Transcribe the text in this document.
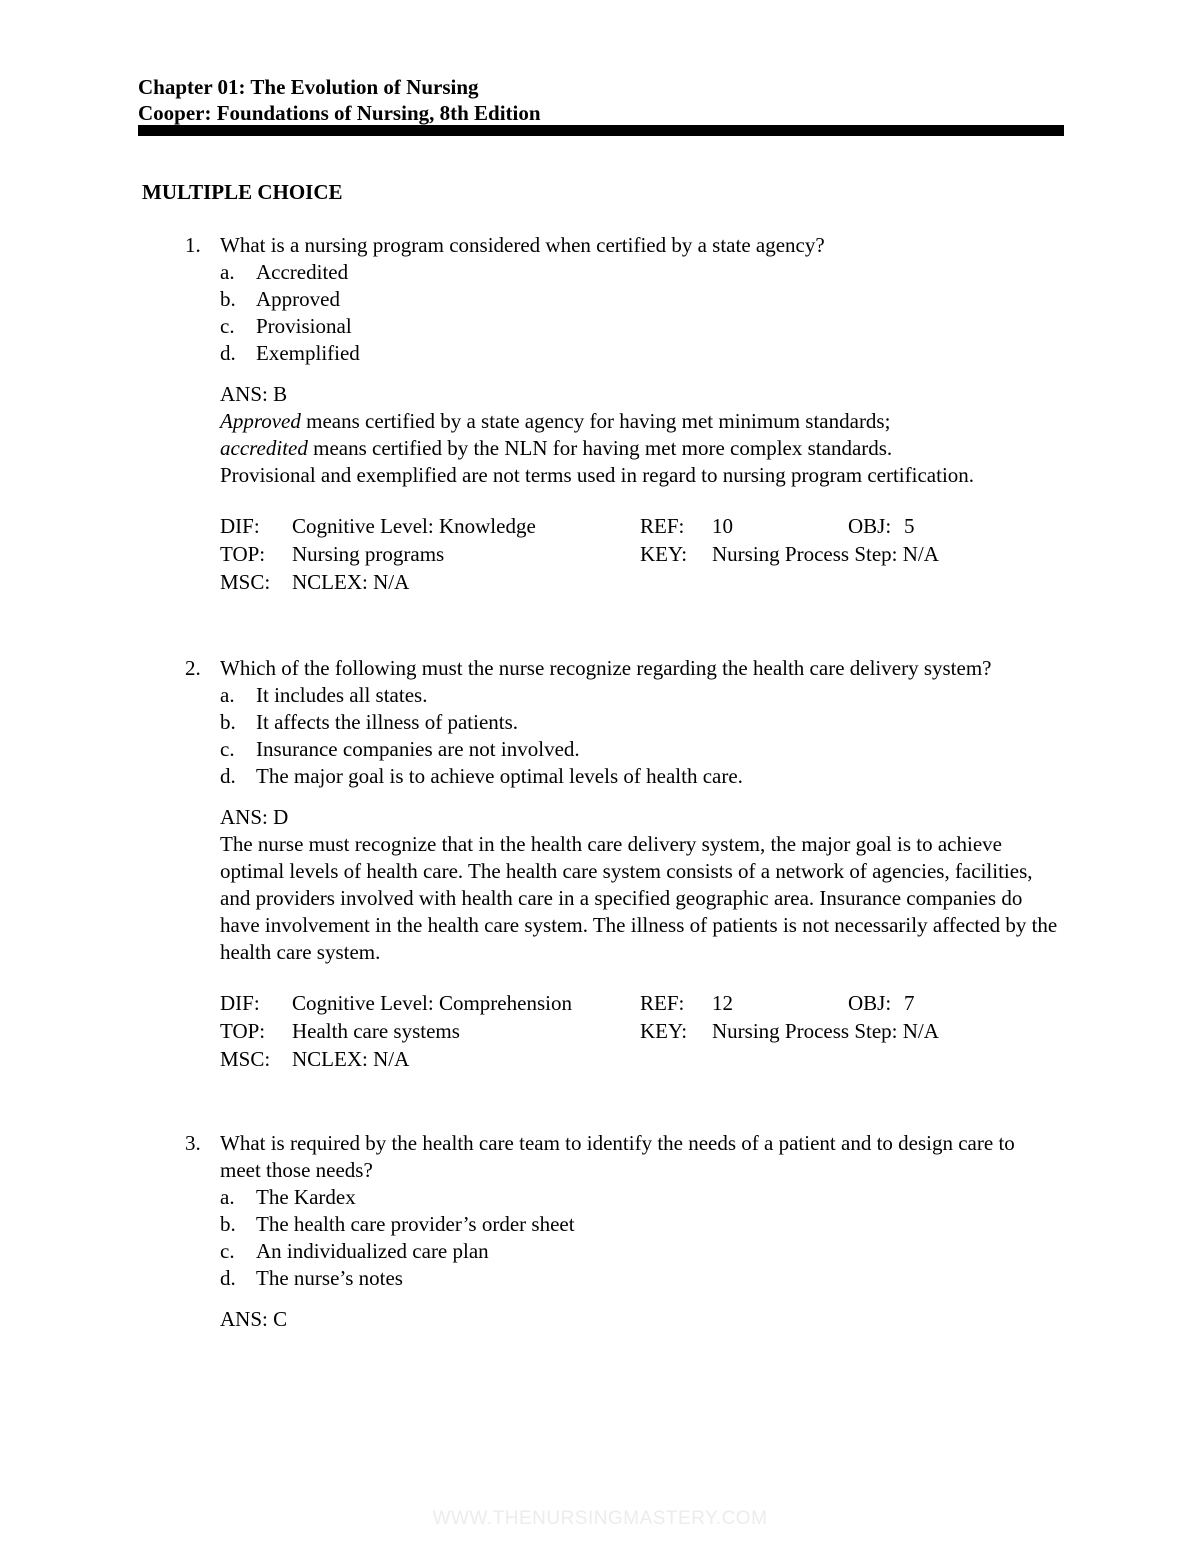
Chapter 01: The Evolution of Nursing
Cooper: Foundations of Nursing, 8th Edition
MULTIPLE CHOICE
1. What is a nursing program considered when certified by a state agency?

a. Accredited
b. Approved
c. Provisional
d. Exemplified
ANS: B

Approved means certified by a state agency for having met minimum standards; accredited means certified by the NLN for having met more complex standards. Provisional and exemplified are not terms used in regard to nursing program certification.

DIF:	Cognitive Level: Knowledge	REF:	10	OBJ: 5
TOP:	Nursing programs	KEY:	Nursing Process Step: N/A
MSC:	NCLEX: N/A
2. Which of the following must the nurse recognize regarding the health care delivery system?

a. It includes all states.
b. It affects the illness of patients.
c. Insurance companies are not involved.
d. The major goal is to achieve optimal levels of health care.
ANS: D

The nurse must recognize that in the health care delivery system, the major goal is to achieve optimal levels of health care. The health care system consists of a network of agencies, facilities, and providers involved with health care in a specified geographic area. Insurance companies do have involvement in the health care system. The illness of patients is not necessarily affected by the health care system.

DIF:	Cognitive Level: Comprehension	REF:	12	OBJ: 7
TOP:	Health care systems	KEY:	Nursing Process Step: N/A
MSC:	NCLEX: N/A
3. What is required by the health care team to identify the needs of a patient and to design care to meet those needs?

a. The Kardex
b. The health care provider’s order sheet
c. An individualized care plan
d. The nurse’s notes
ANS: C
WWW.THENURSINGMASTERY.COM
